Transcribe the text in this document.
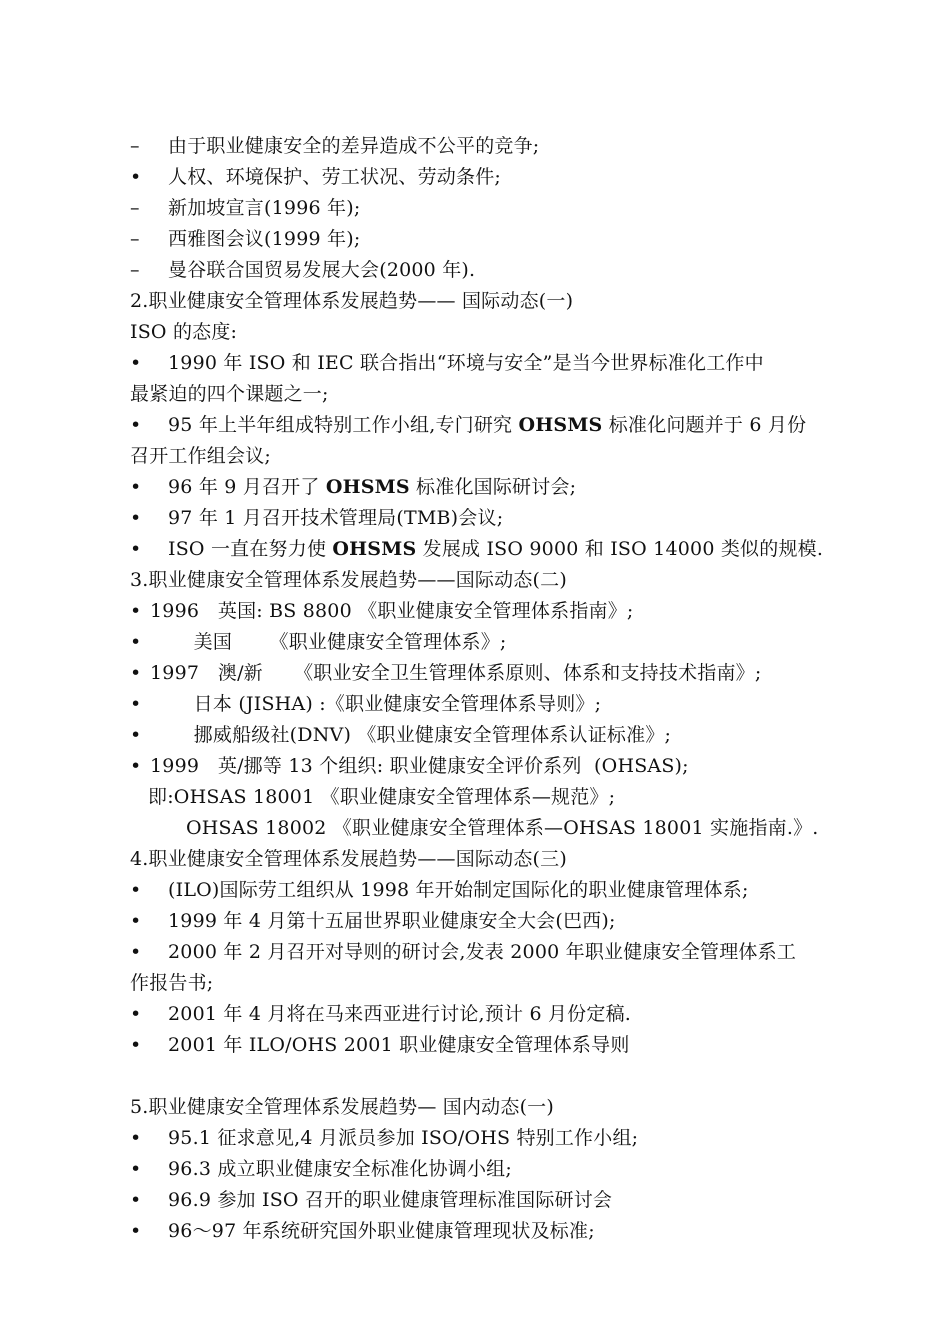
– 由于职业健康安全的差异造成不公平的竞争;
• 人权、环境保护、劳工状况、劳动条件;
– 新加坡宣言(1996 年);
– 西雅图会议(1999 年);
– 曼谷联合国贸易发展大会(2000 年).
2.职业健康安全管理体系发展趋势—— 国际动态(一)
ISO 的态度:
• 1990 年 ISO 和 IEC 联合指出“环境与安全”是当今世界标准化工作中
最紧迫的四个课题之一;
• 95 年上半年组成特别工作小组,专门研究 OHSMS 标准化问题并于 6 月份
召开工作组会议;
• 96 年 9 月召开了 OHSMS 标准化国际研讨会;
• 97 年 1 月召开技术管理局(TMB)会议;
• ISO 一直在努力使 OHSMS 发展成 ISO 9000 和 ISO 14000 类似的规模.
3.职业健康安全管理体系发展趋势——国际动态(二)
• 1996   英国: BS 8800 《职业健康安全管理体系指南》;
•       美国      《职业健康安全管理体系》;
• 1997   澳/新     《职业安全卫生管理体系原则、体系和支持技术指南》;
•       日本 (JISHA) :《职业健康安全管理体系导则》;
•       挪威船级社(DNV) 《职业健康安全管理体系认证标准》;
• 1999   英/挪等 13 个组织: 职业健康安全评价系列  (OHSAS);
即:OHSAS 18001 《职业健康安全管理体系—规范》;
OHSAS 18002 《职业健康安全管理体系—OHSAS 18001 实施指南.》.
4.职业健康安全管理体系发展趋势——国际动态(三)
• (ILO)国际劳工组织从 1998 年开始制定国际化的职业健康管理体系;
• 1999 年 4 月第十五届世界职业健康安全大会(巴西);
• 2000 年 2 月召开对导则的研讨会,发表 2000 年职业健康安全管理体系工
作报告书;
• 2001 年 4 月将在马来西亚进行讨论,预计 6 月份定稿.
• 2001 年 ILO/OHS 2001 职业健康安全管理体系导则
5.职业健康安全管理体系发展趋势— 国内动态(一)
• 95.1 征求意见,4 月派员参加 ISO/OHS 特别工作小组;
• 96.3 成立职业健康安全标准化协调小组;
• 96.9 参加 ISO 召开的职业健康管理标准国际研讨会
• 96～97 年系统研究国外职业健康管理现状及标准;
